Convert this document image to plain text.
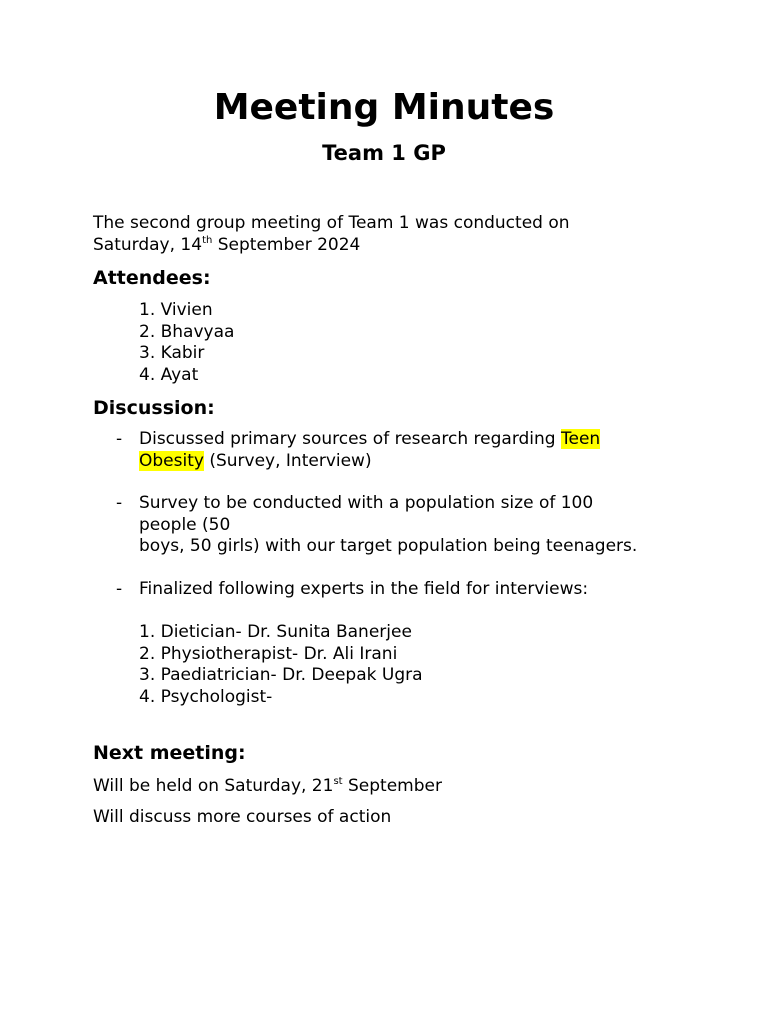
Meeting Minutes
Team 1 GP
The second group meeting of Team 1 was conducted on
Saturday, 14th September 2024
Attendees:
1. Vivien
2. Bhavyaa
3. Kabir
4. Ayat
Discussion:
- Discussed primary sources of research regarding Teen
Obesity (Survey, Interview)
- Survey to be conducted with a population size of 100
people (50
boys, 50 girls) with our target population being teenagers.
- Finalized following experts in the field for interviews:
1. Dietician- Dr. Sunita Banerjee
2. Physiotherapist- Dr. Ali Irani
3. Paediatrician- Dr. Deepak Ugra
4. Psychologist-
Next meeting:
Will be held on Saturday, 21st September
Will discuss more courses of action
